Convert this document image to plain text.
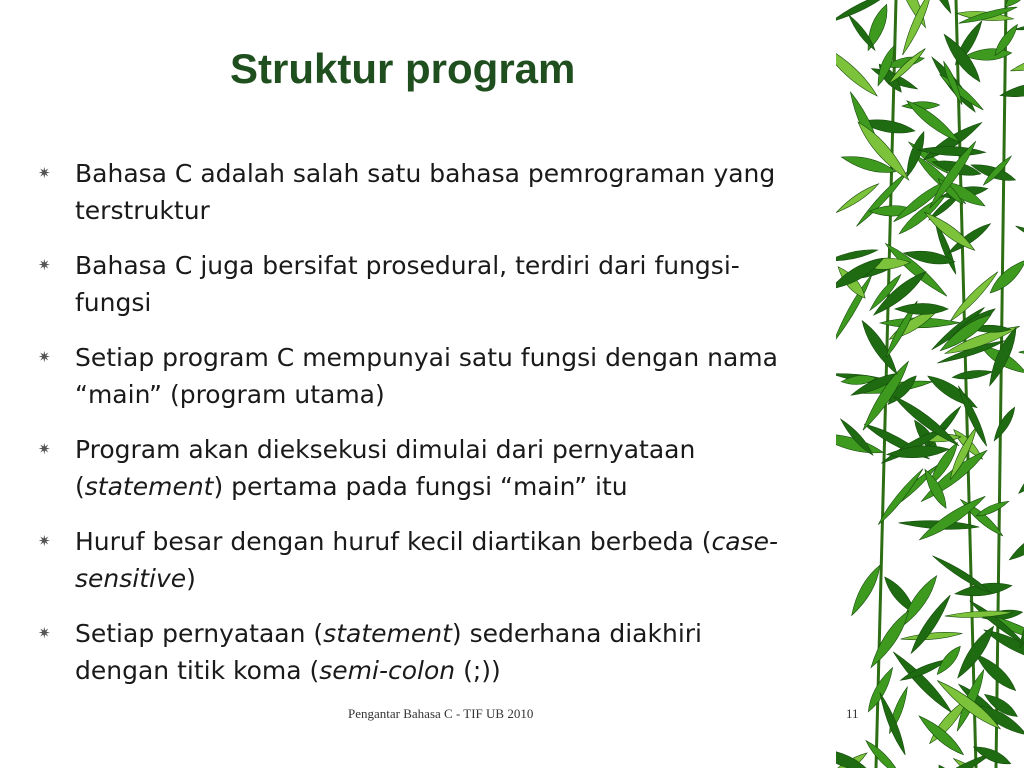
Struktur program
✷ Bahasa C adalah salah satu bahasa pemrograman yang
terstruktur
✷ Bahasa C juga bersifat prosedural, terdiri dari fungsi-
fungsi
✷ Setiap program C mempunyai satu fungsi dengan nama
“main” (program utama)
✷ Program akan dieksekusi dimulai dari pernyataan
(statement) pertama pada fungsi “main” itu
✷ Huruf besar dengan huruf kecil diartikan berbeda (case-
sensitive)
✷ Setiap pernyataan (statement) sederhana diakhiri
dengan titik koma (semi-colon (;))
Pengantar Bahasa C - TIF UB 2010	11
